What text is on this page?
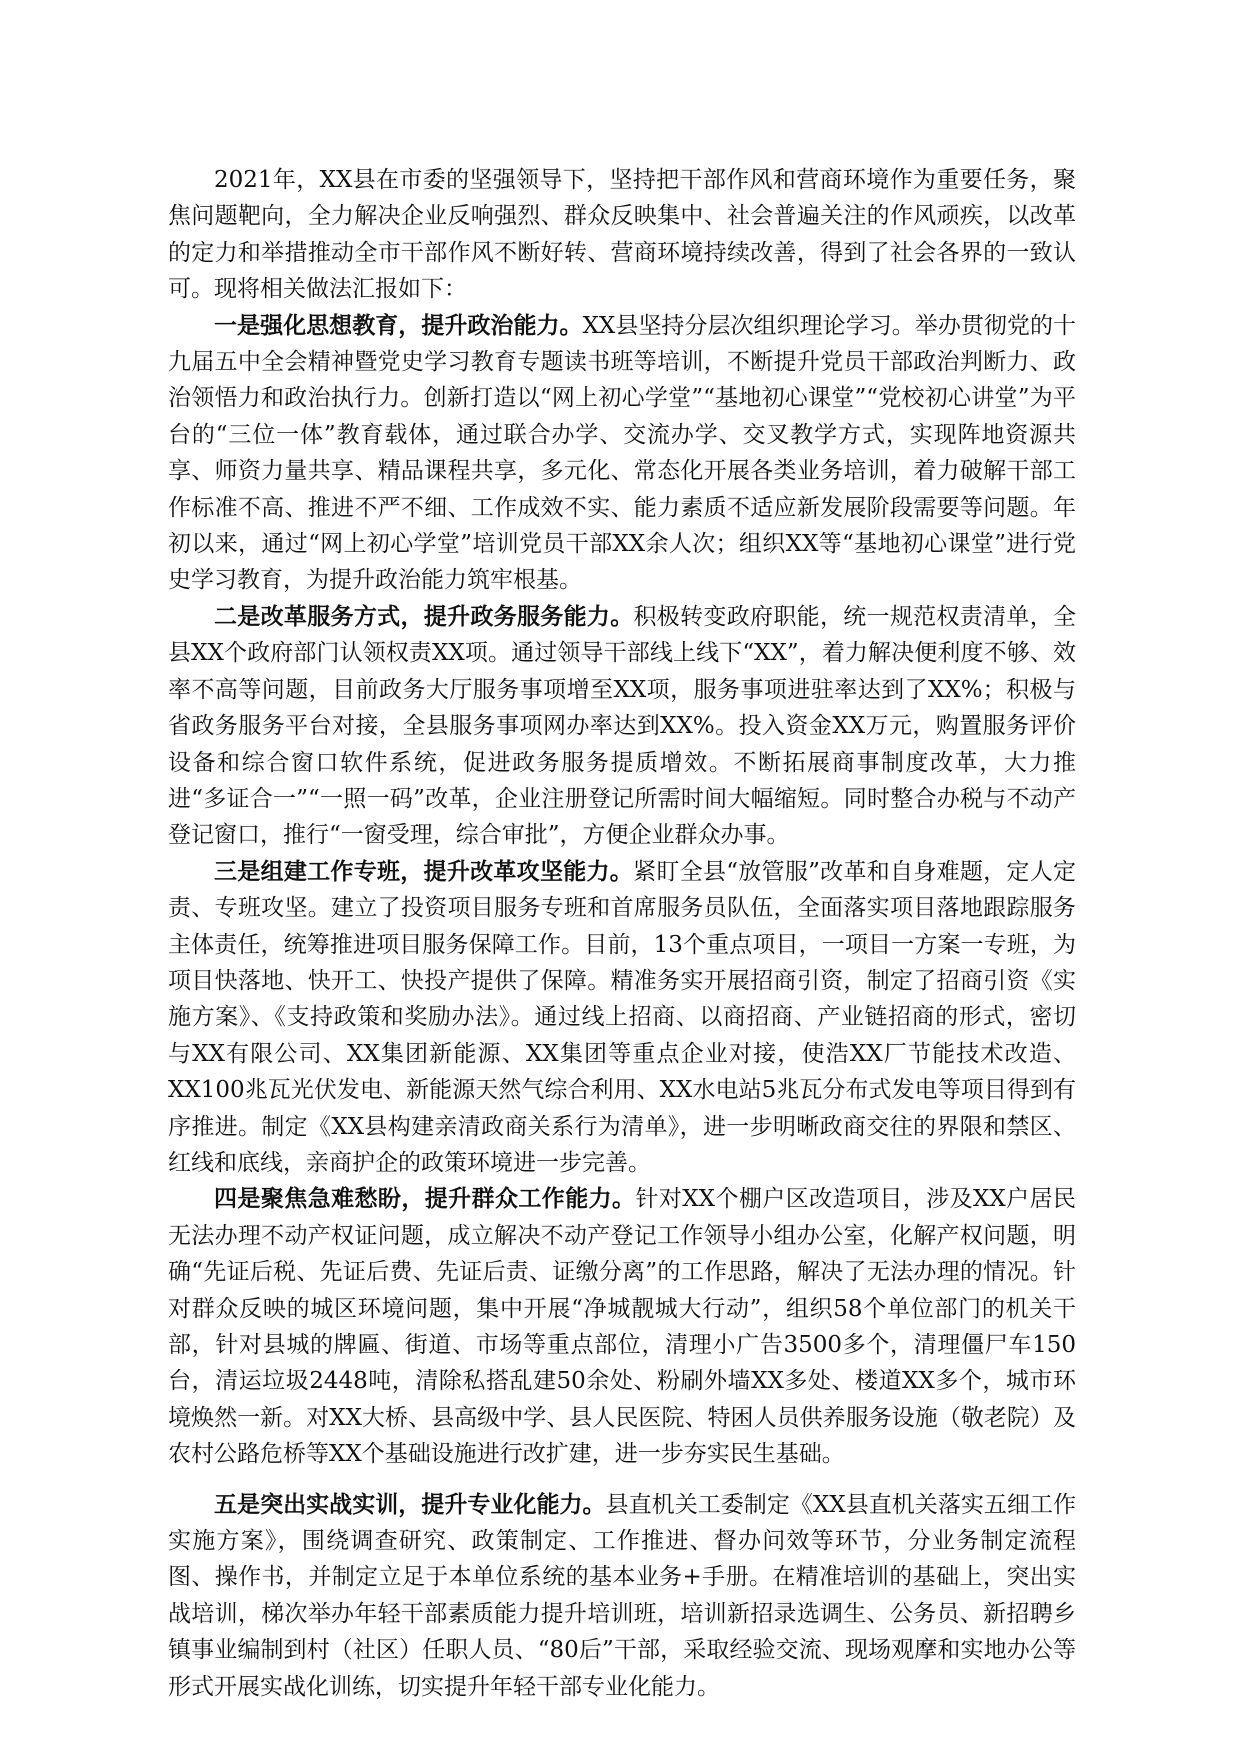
2021年，XX县在市委的坚强领导下，坚持把干部作风和营商环境作为重要任务，聚焦问题靶向，全力解决企业反响强烈、群众反映集中、社会普遍关注的作风顽疾，以改革的定力和举措推动全市干部作风不断好转、营商环境持续改善，得到了社会各界的一致认可。现将相关做法汇报如下：

一是强化思想教育，提升政治能力。XX县坚持分层次组织理论学习。举办贯彻党的十九届五中全会精神暨党史学习教育专题读书班等培训，不断提升党员干部政治判断力、政治领悟力和政治执行力。创新打造以“网上初心学堂”“基地初心课堂”“党校初心讲堂”为平台的“三位一体”教育载体，通过联合办学、交流办学、交叉教学方式，实现阵地资源共享、师资力量共享、精品课程共享，多元化、常态化开展各类业务培训，着力破解干部工作标准不高、推进不严不细、工作成效不实、能力素质不适应新发展阶段需要等问题。年初以来，通过“网上初心学堂”培训党员干部XX余人次；组织XX等“基地初心课堂”进行党史学习教育，为提升政治能力筑牢根基。

二是改革服务方式，提升政务服务能力。积极转变政府职能，统一规范权责清单，全县XX个政府部门认领权责XX项。通过领导干部线上线下“XX”，着力解决便利度不够、效率不高等问题，目前政务大厅服务事项增至XX项，服务事项进驻率达到了XX%；积极与省政务服务平台对接，全县服务事项网办率达到XX%。投入资金XX万元，购置服务评价设备和综合窗口软件系统，促进政务服务提质增效。不断拓展商事制度改革，大力推进“多证合一”“一照一码”改革，企业注册登记所需时间大幅缩短。同时整合办税与不动产登记窗口，推行“一窗受理，综合审批”，方便企业群众办事。

三是组建工作专班，提升改革攻坚能力。紧盯全县“放管服”改革和自身难题，定人定责、专班攻坚。建立了投资项目服务专班和首席服务员队伍，全面落实项目落地跟踪服务主体责任，统筹推进项目服务保障工作。目前，13个重点项目，一项目一方案一专班，为项目快落地、快开工、快投产提供了保障。精准务实开展招商引资，制定了招商引资《实施方案》、《支持政策和奖励办法》。通过线上招商、以商招商、产业链招商的形式，密切与XX有限公司、XX集团新能源、XX集团等重点企业对接，使浩XX厂节能技术改造、XX100兆瓦光伏发电、新能源天然气综合利用、XX水电站5兆瓦分布式发电等项目得到有序推进。制定《XX县构建亲清政商关系行为清单》，进一步明晰政商交往的界限和禁区、红线和底线，亲商护企的政策环境进一步完善。

四是聚焦急难愁盼，提升群众工作能力。针对XX个棚户区改造项目，涉及XX户居民无法办理不动产权证问题，成立解决不动产登记工作领导小组办公室，化解产权问题，明确“先证后税、先证后费、先证后责、证缴分离”的工作思路，解决了无法办理的情况。针对群众反映的城区环境问题，集中开展“净城靓城大行动”，组织58个单位部门的机关干部，针对县城的牌匾、街道、市场等重点部位，清理小广告3500多个，清理僵尸车150台，清运垃圾2448吨，清除私搭乱建50余处、粉刷外墙XX多处、楼道XX多个，城市环境焕然一新。对XX大桥、县高级中学、县人民医院、特困人员供养服务设施（敬老院）及农村公路危桥等XX个基础设施进行改扩建，进一步夯实民生基础。

五是突出实战实训，提升专业化能力。县直机关工委制定《XX县直机关落实五细工作实施方案》，围绕调查研究、政策制定、工作推进、督办问效等环节，分业务制定流程图、操作书，并制定立足于本单位系统的基本业务+手册。在精准培训的基础上，突出实战培训，梯次举办年轻干部素质能力提升培训班，培训新招录选调生、公务员、新招聘乡镇事业编制到村（社区）任职人员、“80后”干部，采取经验交流、现场观摩和实地办公等形式开展实战化训练，切实提升年轻干部专业化能力。
